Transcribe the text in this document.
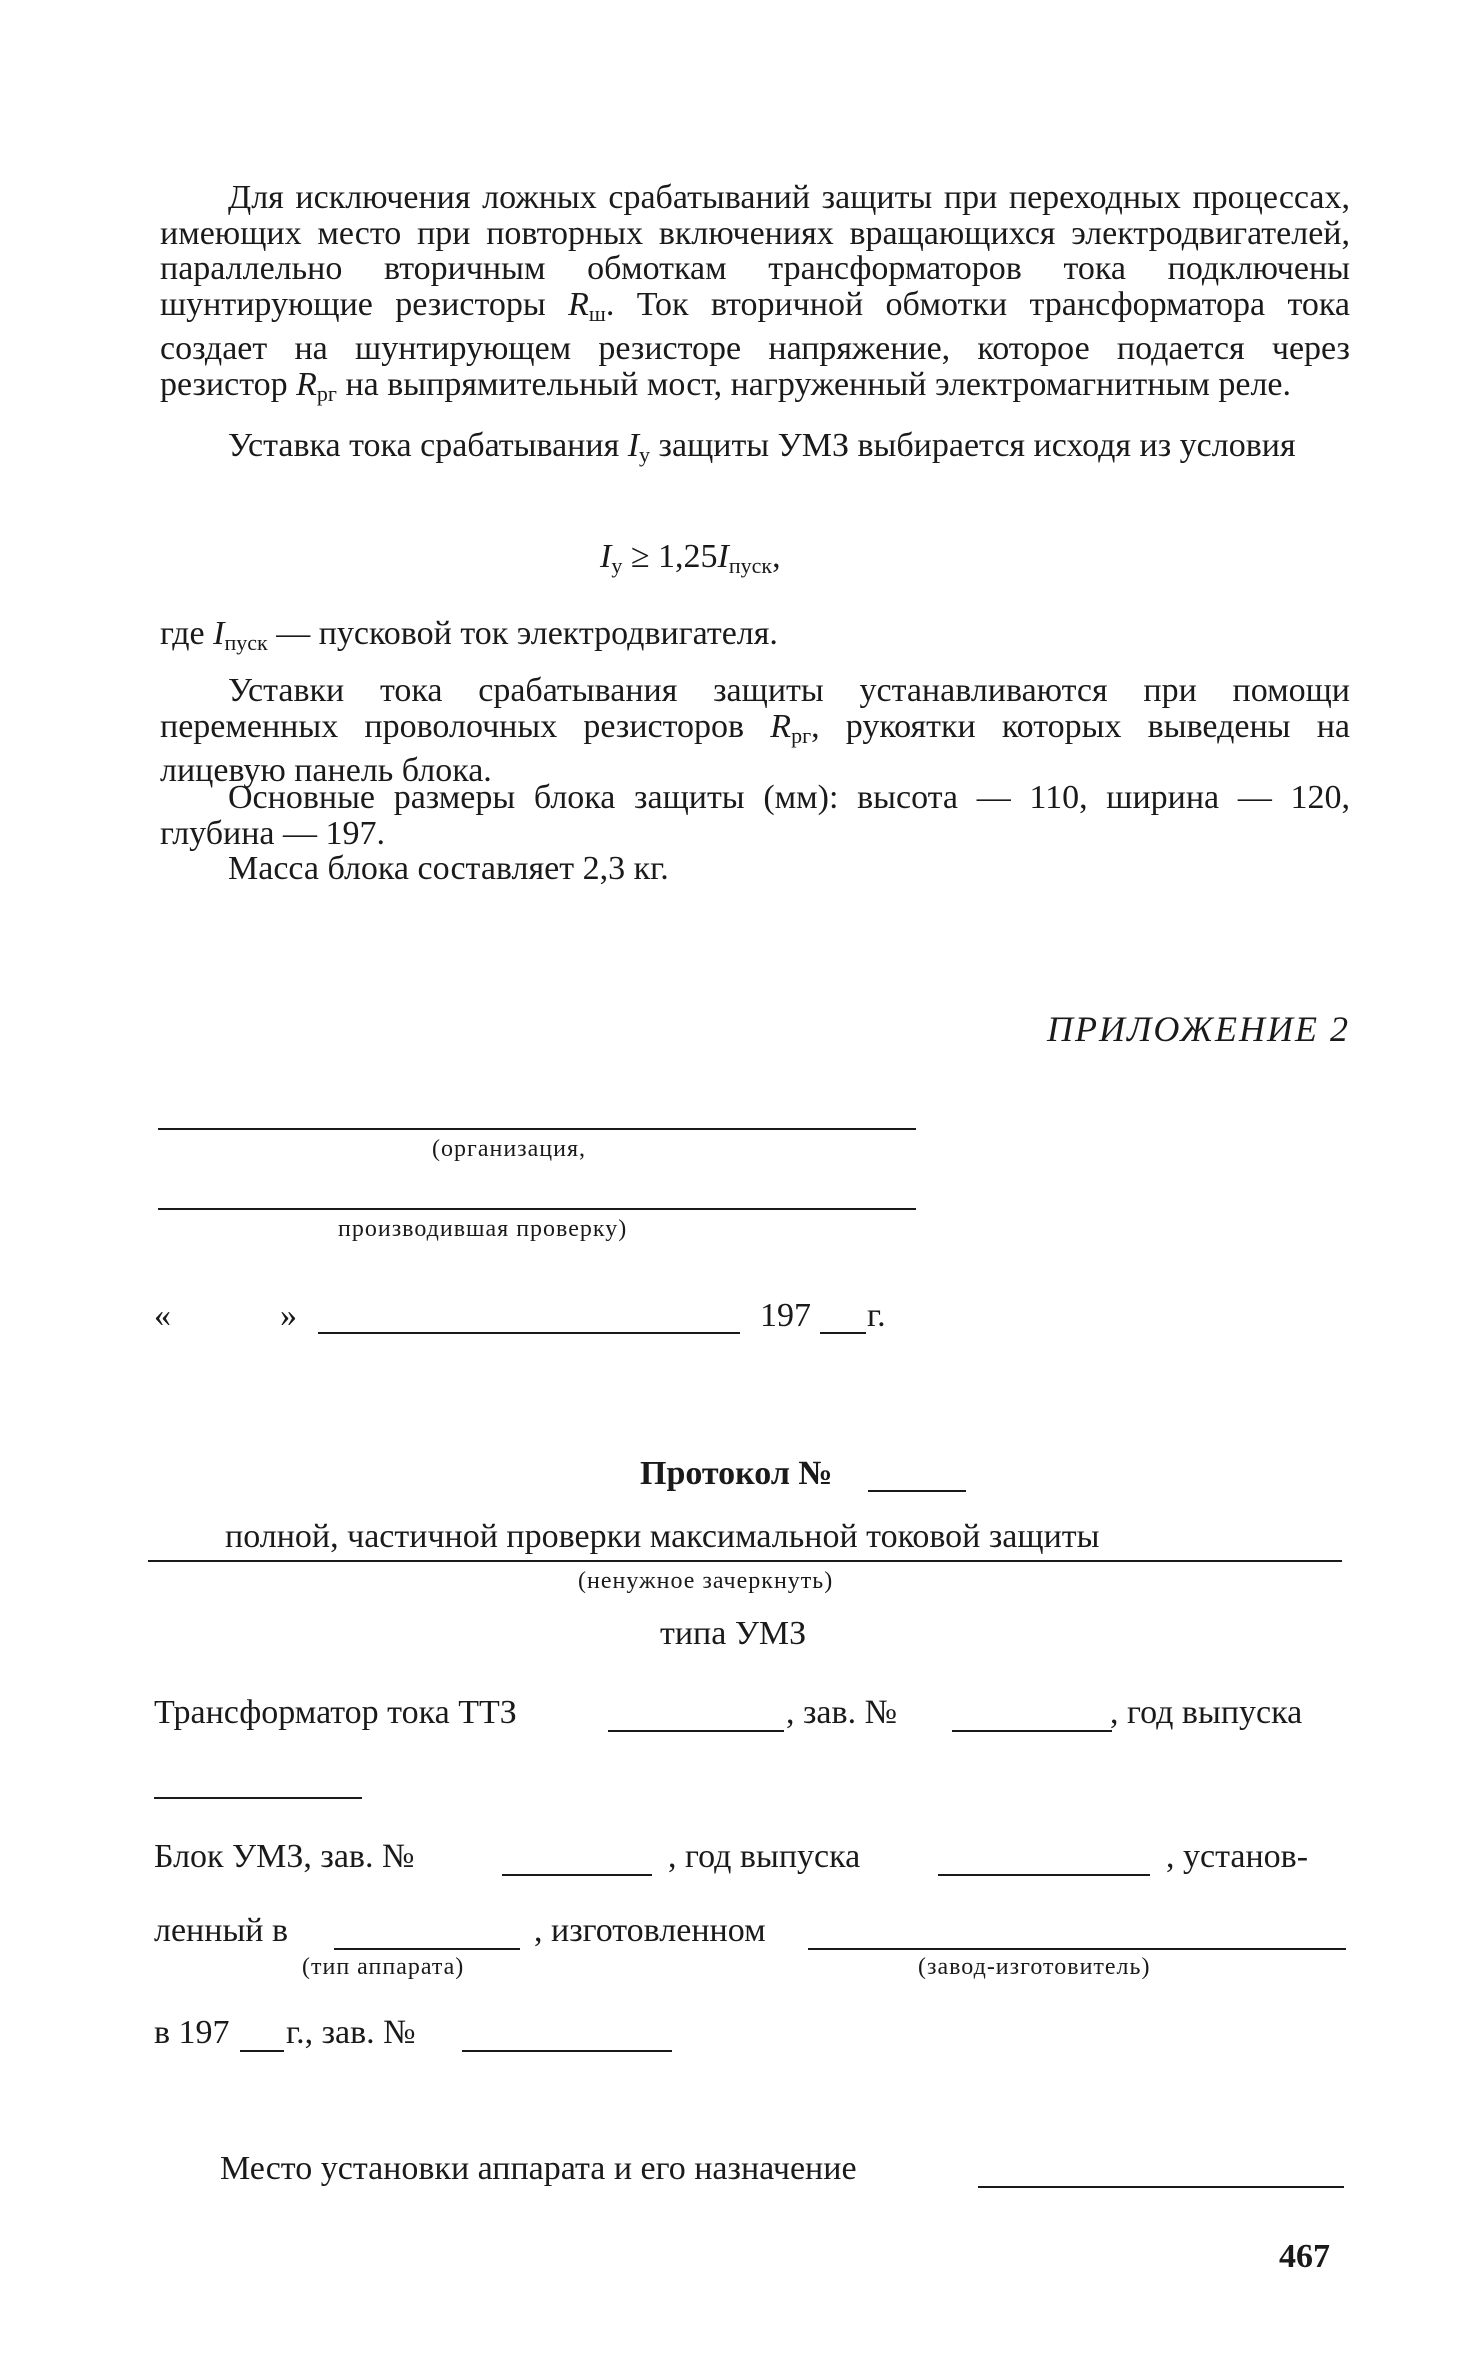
Для исключения ложных срабатываний защиты при переходных процессах, имеющих место при повторных включениях вращающихся электродвигателей, параллельно вторичным обмоткам трансформаторов тока подключены шунтирующие резисторы $R_ш$. Ток вторичной обмотки трансформатора тока создает на шунтирующем резисторе напряжение, которое подается через резистор $R_{рг}$ на выпрямительный мост, нагруженный электромагнитным реле.

Уставка тока срабатывания $I_у$ защиты УМЗ выбирается исходя из условия

$I_у \ge 1,25I_{пуск}$,

где $I_{пуск}$ — пусковой ток электродвигателя.

Уставки тока срабатывания защиты устанавливаются при помощи переменных проволочных резисторов $R_{рг}$, рукоятки которых выведены на лицевую панель блока.

Основные размеры блока защиты (мм): высота — 110, ширина — 120, глубина — 197.

Масса блока составляет 2,3 кг.

ПРИЛОЖЕНИЕ 2
(организация,
производившая проверку)
«	»	197 г.
Протокол №
полной, частичной проверки максимальной токовой защиты
(ненужное зачеркнуть)
типа УМЗ
Трансформатор тока ТТЗ	, зав. №	, год выпуска
Блок УМЗ, зав. №	, год выпуска	, установ-
ленный в	, изготовленном
(тип аппарата)	(завод-изготовитель)
в 197 г., зав. №
Место установки аппарата и его назначение
467
